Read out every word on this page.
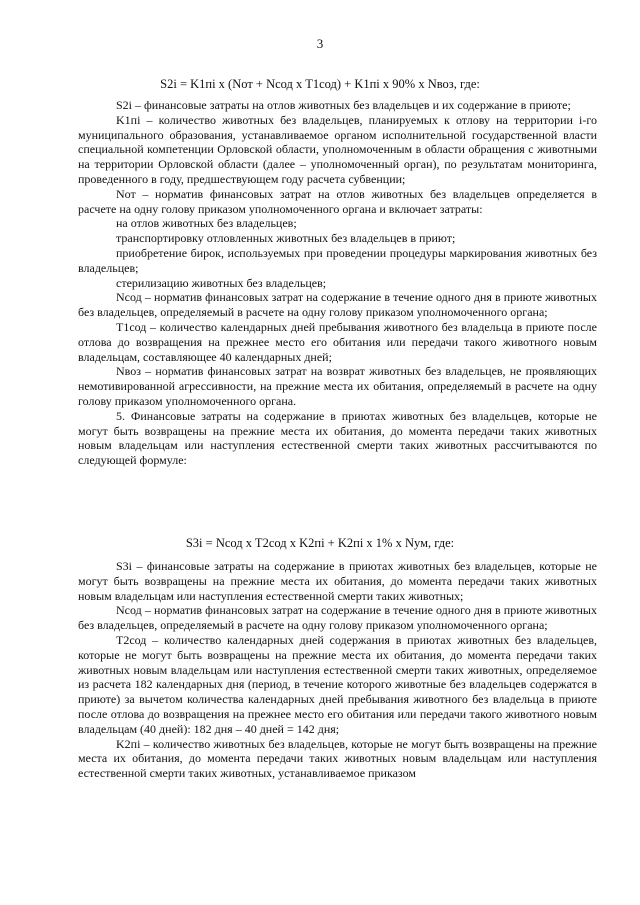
3
S2i = K1пi x (Nот + Nсод x T1сод) + K1пi x 90% x Nвоз, где:

S2i – финансовые затраты на отлов животных без владельцев и их содержание в приюте;

K1пi – количество животных без владельцев, планируемых к отлову на территории i-го муниципального образования, устанавливаемое органом исполнительной государственной власти специальной компетенции Орловской области, уполномоченным в области обращения с животными на территории Орловской области (далее – уполномоченный орган), по результатам мониторинга, проведенного в году, предшествующем году расчета субвенции;

Nот – норматив финансовых затрат на отлов животных без владельцев определяется в расчете на одну голову приказом уполномоченного органа и включает затраты:

на отлов животных без владельцев;

транспортировку отловленных животных без владельцев в приют;

приобретение бирок, используемых при проведении процедуры маркирования животных без владельцев;

стерилизацию животных без владельцев;

Nсод – норматив финансовых затрат на содержание в течение одного дня в приюте животных без владельцев, определяемый в расчете на одну голову приказом уполномоченного органа;

T1сод – количество календарных дней пребывания животного без владельца в приюте после отлова до возвращения на прежнее место его обитания или передачи такого животного новым владельцам, составляющее 40 календарных дней;

Nвоз – норматив финансовых затрат на возврат животных без владельцев, не проявляющих немотивированной агрессивности, на прежние места их обитания, определяемый в расчете на одну голову приказом уполномоченного органа.

5. Финансовые затраты на содержание в приютах животных без владельцев, которые не могут быть возвращены на прежние места их обитания, до момента передачи таких животных новым владельцам или наступления естественной смерти таких животных рассчитываются по следующей формуле:

S3i = Nсод x T2сод x K2пi + K2пi x 1% x Nум, где:

S3i – финансовые затраты на содержание в приютах животных без владельцев, которые не могут быть возвращены на прежние места их обитания, до момента передачи таких животных новым владельцам или наступления естественной смерти таких животных;

Nсод – норматив финансовых затрат на содержание в течение одного дня в приюте животных без владельцев, определяемый в расчете на одну голову приказом уполномоченного органа;

T2сод – количество календарных дней содержания в приютах животных без владельцев, которые не могут быть возвращены на прежние места их обитания, до момента передачи таких животных новым владельцам или наступления естественной смерти таких животных, определяемое из расчета 182 календарных дня (период, в течение которого животные без владельцев содержатся в приюте) за вычетом количества календарных дней пребывания животного без владельца в приюте после отлова до возвращения на прежнее место его обитания или передачи такого животного новым владельцам (40 дней): 182 дня – 40 дней = 142 дня;

K2пi – количество животных без владельцев, которые не могут быть возвращены на прежние места их обитания, до момента передачи таких животных новым владельцам или наступления естественной смерти таких животных, устанавливаемое приказом
